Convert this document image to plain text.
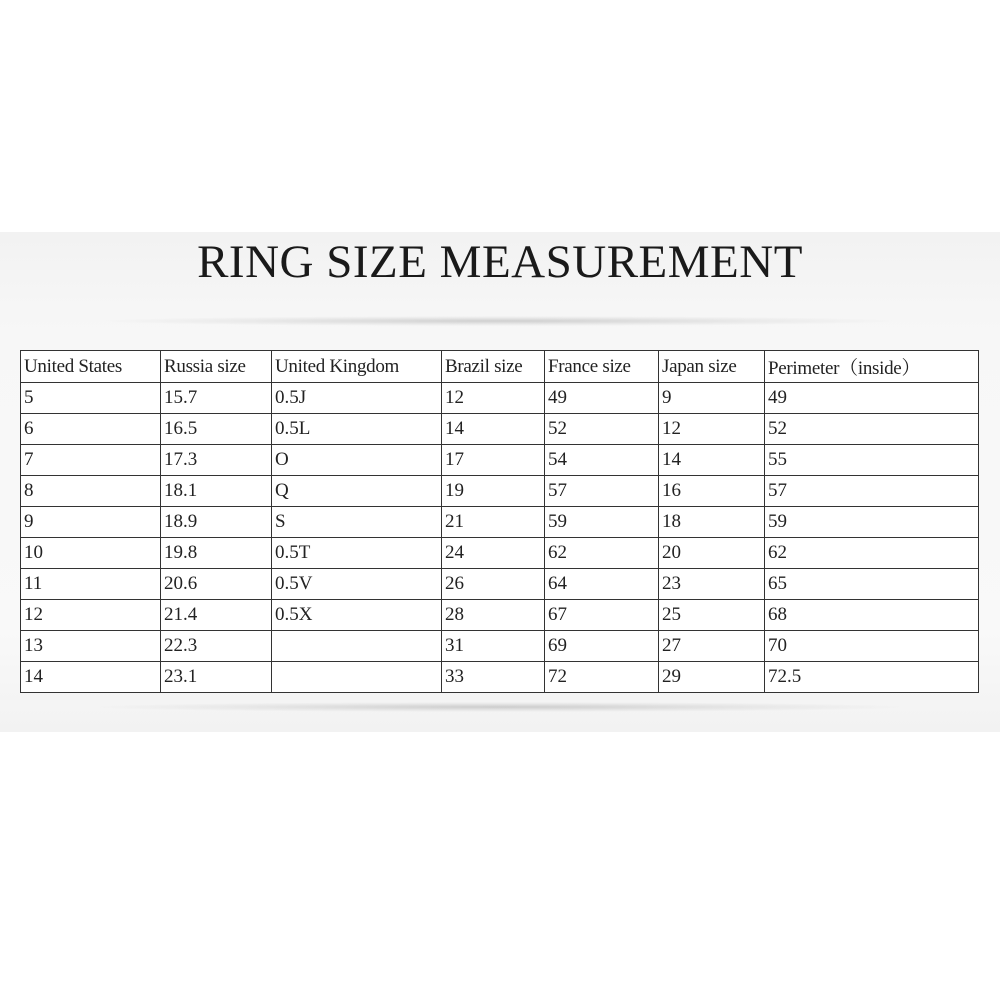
RING SIZE MEASUREMENT
United States	Russia size	United Kingdom	Brazil size	France size	Japan size	Perimeter（inside）
5	15.7	0.5J	12	49	9	49
6	16.5	0.5L	14	52	12	52
7	17.3	O	17	54	14	55
8	18.1	Q	19	57	16	57
9	18.9	S	21	59	18	59
10	19.8	0.5T	24	62	20	62
11	20.6	0.5V	26	64	23	65
12	21.4	0.5X	28	67	25	68
13	22.3		31	69	27	70
14	23.1		33	72	29	72.5
